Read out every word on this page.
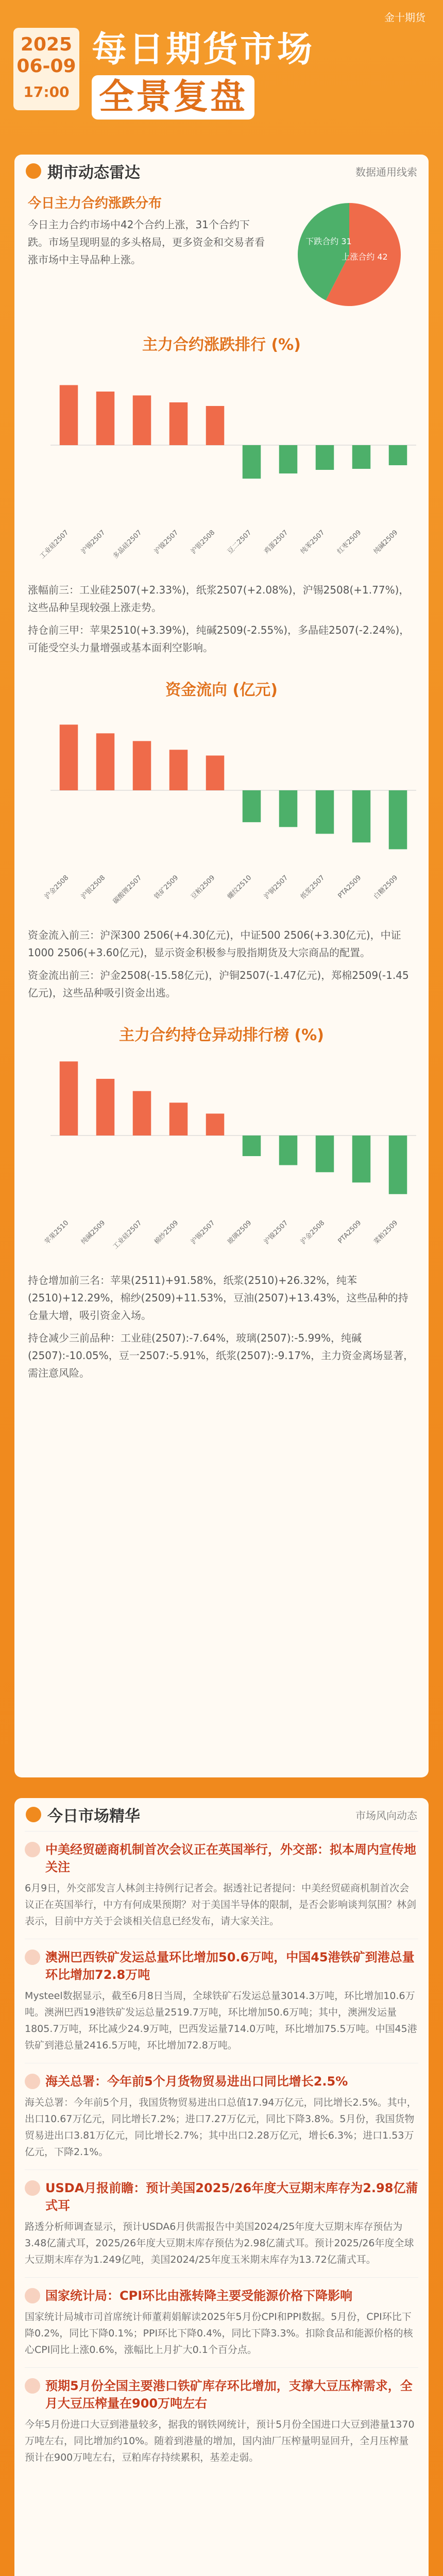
金十期货
2025
06-09
17:00
每日期货市场
全景复盘
期市动态雷达	数据通用线索
今日主力合约涨跌分布
今日主力合约市场中42个合约上涨，31个合约下跌。市场呈现明显的多头格局，更多资金和交易者看涨市场中主导品种上涨。	上涨合约 42
下跌合约 31
主力合约涨跌排行 (%)
工业硅2507 沪锡2507 多晶硅2507 沪镍2507 沪银2508 豆二2507 鸡蛋2507 纯苯2507 红枣2509 纯碱2509
涨幅前三：工业硅2507(+2.33%)，纸浆2507(+2.08%)，沪锡2508(+1.77%)，这些品种呈现较强上涨走势。
持仓前三甲：苹果2510(+3.39%)，纯碱2509(-2.55%)，多晶硅2507(-2.24%)，可能受空头力量增强或基本面利空影响。
资金流向 (亿元)
沪金2508 沪银2508 碳酸锂2507 铁矿2509 豆粕2509 螺纹2510 沪铜2507 纸浆2507 PTA2509 白糖2509
资金流入前三：沪深300 2506(+4.30亿元)，中证500 2506(+3.30亿元)，中证1000 2506(+3.60亿元)，显示资金积极参与股指期货及大宗商品的配置。
资金流出前三：沪金2508(-15.58亿元)，沪铜2507(-1.47亿元)，郑棉2509(-1.45亿元)，这些品种吸引资金出逃。
主力合约持仓异动排行榜 (%)
苹果2510 纯碱2509 工业硅2507 棉纱2509 沪锡2507 玻璃2509 沪镍2507 沪金2508 PTA2509 菜粕2509
持仓增加前三名：苹果(2511)+91.58%，纸浆(2510)+26.32%，纯苯(2510)+12.29%，棉纱(2509)+11.53%，豆油(2507)+13.43%，这些品种的持仓量大增，吸引资金入场。
持仓减少三前品种：工业硅(2507):-7.64%，玻璃(2507):-5.99%，纯碱(2507):-10.05%，豆一2507:-5.91%，纸浆(2507):-9.17%，主力资金离场显著，需注意风险。
今日市场精华	市场风向动态
中美经贸磋商机制首次会议正在英国举行，外交部：拟本周内宣传地关注
6月9日，外交部发言人林剑主持例行记者会。据透社记者提问：中美经贸磋商机制首次会议正在英国举行，中方有何成果预期？对于美国半导体的限制，是否会影响谈判氛围？林剑表示，目前中方关于会谈相关信息已经发布，请大家关注。
澳洲巴西铁矿发运总量环比增加50.6万吨，中国45港铁矿到港总量环比增加72.8万吨
Mysteel数据显示，截至6月8日当周，全球铁矿石发运总量3014.3万吨，环比增加10.6万吨。澳洲巴西19港铁矿发运总量2519.7万吨，环比增加50.6万吨；其中，澳洲发运量1805.7万吨，环比减少24.9万吨，巴西发运量714.0万吨，环比增加75.5万吨。中国45港铁矿到港总量2416.5万吨，环比增加72.8万吨。
海关总署：今年前5个月货物贸易进出口同比增长2.5%
海关总署：今年前5个月，我国货物贸易进出口总值17.94万亿元，同比增长2.5%。其中，出口10.67万亿元，同比增长7.2%；进口7.27万亿元，同比下降3.8%。5月份，我国货物贸易进出口3.81万亿元，同比增长2.7%；其中出口2.28万亿元，增长6.3%；进口1.53万亿元，下降2.1%。
USDA月报前瞻：预计美国2025/26年度大豆期末库存为2.98亿蒲式耳
路透分析师调查显示，预计USDA6月供需报告中美国2024/25年度大豆期末库存预估为3.48亿蒲式耳，2025/26年度大豆期末库存预估为2.98亿蒲式耳。预计2025/26年度全球大豆期末库存为1.249亿吨，美国2024/25年度玉米期末库存为13.72亿蒲式耳。
国家统计局：CPI环比由涨转降主要受能源价格下降影响
国家统计局城市司首席统计师董莉娟解读2025年5月份CPI和PPI数据。5月份，CPI环比下降0.2%，同比下降0.1%；PPI环比下降0.4%，同比下降3.3%。扣除食品和能源价格的核心CPI同比上涨0.6%，涨幅比上月扩大0.1个百分点。
预期5月份全国主要港口铁矿库存环比增加，支撑大豆压榨需求，全月大豆压榨量在900万吨左右
今年5月份进口大豆到港量较多，据我的钢铁网统计，预计5月份全国进口大豆到港量1370万吨左右，同比增加约10%。随着到港量的增加，国内油厂压榨量明显回升，全月压榨量预计在900万吨左右，豆粕库存持续累积，基差走弱。
